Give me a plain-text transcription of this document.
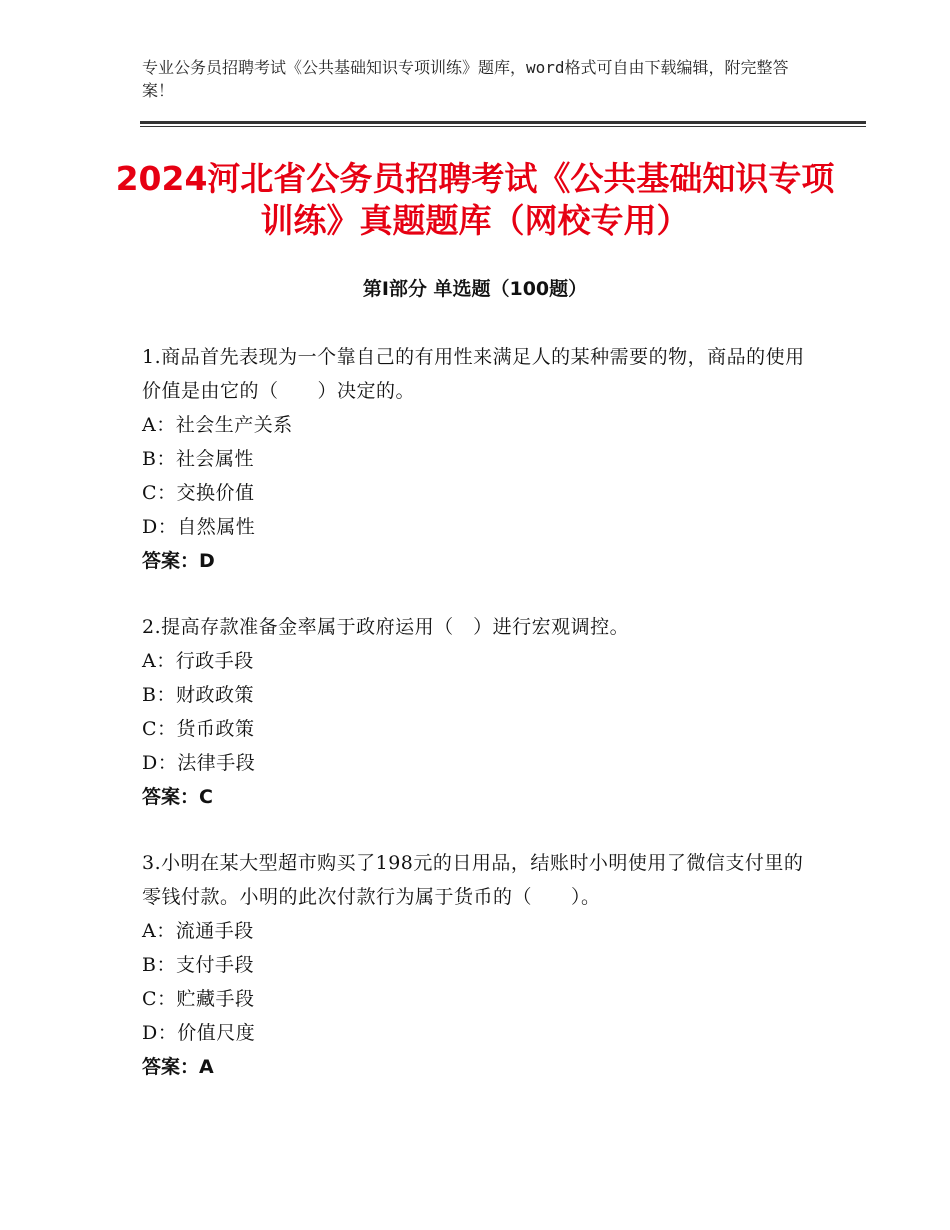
专业公务员招聘考试《公共基础知识专项训练》题库，word格式可自由下载编辑，附完整答案！
2024河北省公务员招聘考试《公共基础知识专项训练》真题题库（网校专用）
第Ⅰ部分 单选题（100题）
1.商品首先表现为一个靠自己的有用性来满足人的某种需要的物，商品的使用价值是由它的（　　）决定的。
A：社会生产关系
B：社会属性
C：交换价值
D：自然属性
答案：D
2.提高存款准备金率属于政府运用（　）进行宏观调控。
A：行政手段
B：财政政策
C：货币政策
D：法律手段
答案：C
3.小明在某大型超市购买了198元的日用品，结账时小明使用了微信支付里的零钱付款。小明的此次付款行为属于货币的（　　）。
A：流通手段
B：支付手段
C：贮藏手段
D：价值尺度
答案：A
